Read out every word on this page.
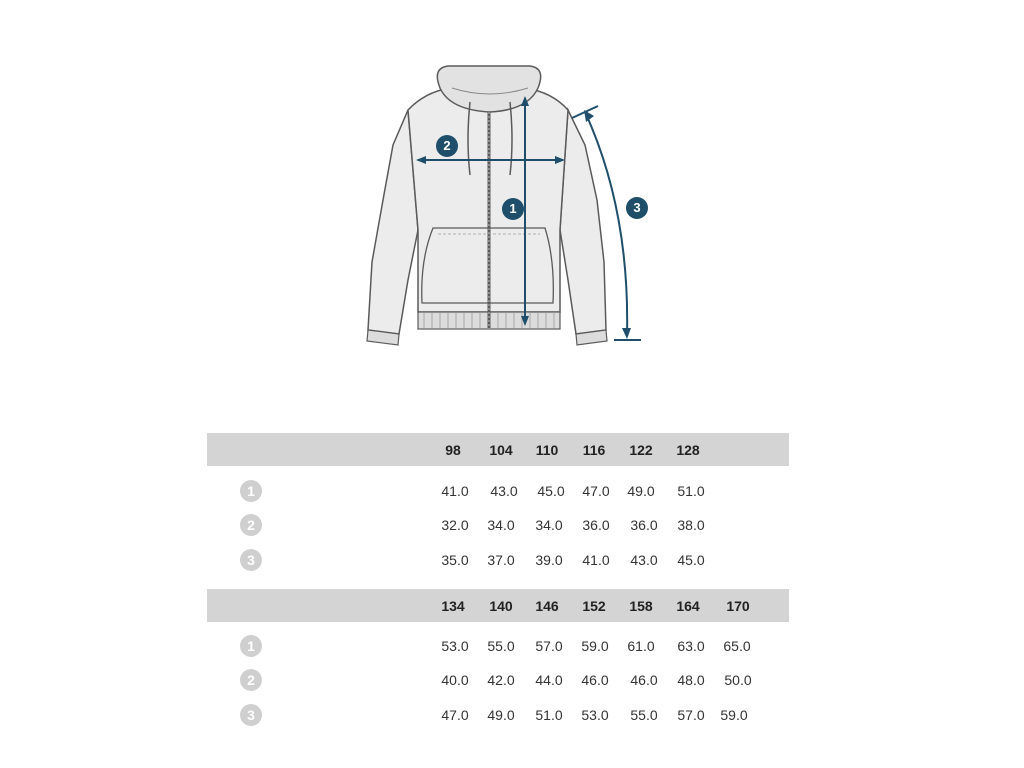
1
2
3
98 104 110 116 122 128
1	41.0 43.0 45.0 47.0 49.0 51.0
2	32.0 34.0 34.0 36.0 36.0 38.0
3	35.0 37.0 39.0 41.0 43.0 45.0
134 140 146 152 158 164 170
1	53.0 55.0 57.0 59.0 61.0 63.0 65.0
2	40.0 42.0 44.0 46.0 46.0 48.0 50.0
3	47.0 49.0 51.0 53.0 55.0 57.0 59.0
